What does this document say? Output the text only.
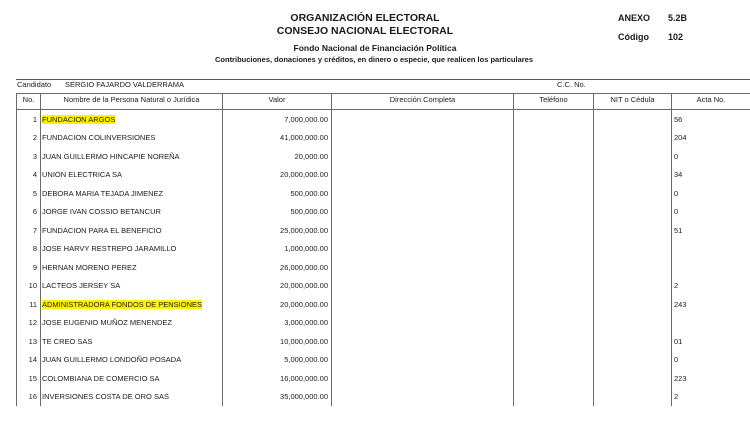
ORGANIZACIÓN ELECTORAL
CONSEJO NACIONAL ELECTORAL
Fondo Nacional de Financiación Política
Contribuciones, donaciones y créditos, en dinero o especie, que realicen los particulares
ANEXO 5.2B
Código 102
Candidato SERGIO FAJARDO VALDERRAMA	C.C. No.
No.	Nombre de la Persona Natural o Jurídica	Valor	Dirección Completa	Teléfono	NIT o Cédula	Acta No.
1	FUNDACION ARGOS	7,000,000.00				56
2	FUNDACION COLINVERSIONES	41,000,000.00				204
3	JUAN GUILLERMO HINCAPIE NOREÑA	20,000.00				0
4	UNION ELECTRICA SA	20,000,000.00				34
5	DEBORA MARIA TEJADA JIMENEZ	500,000.00				0
6	JORGE IVAN COSSIO BETANCUR	500,000.00				0
7	FUNDACION PARA EL BENEFICIO	25,000,000.00				51
8	JOSE HARVY RESTREPO JARAMILLO	1,000,000.00				
9	HERNAN MORENO PEREZ	26,000,000.00				
10	LACTEOS JERSEY SA	20,000,000.00				2
11	ADMINISTRADORA FONDOS DE PENSIONES	20,000,000.00				243
12	JOSE EUGENIO MUÑOZ MENENDEZ	3,000,000.00				
13	TE CREO SAS	10,000,000.00				01
14	JUAN GUILLERMO LONDOÑO POSADA	5,000,000.00				0
15	COLOMBIANA DE COMERCIO SA	16,000,000.00				223
16	INVERSIONES COSTA DE ORO SAS	35,000,000.00				2
